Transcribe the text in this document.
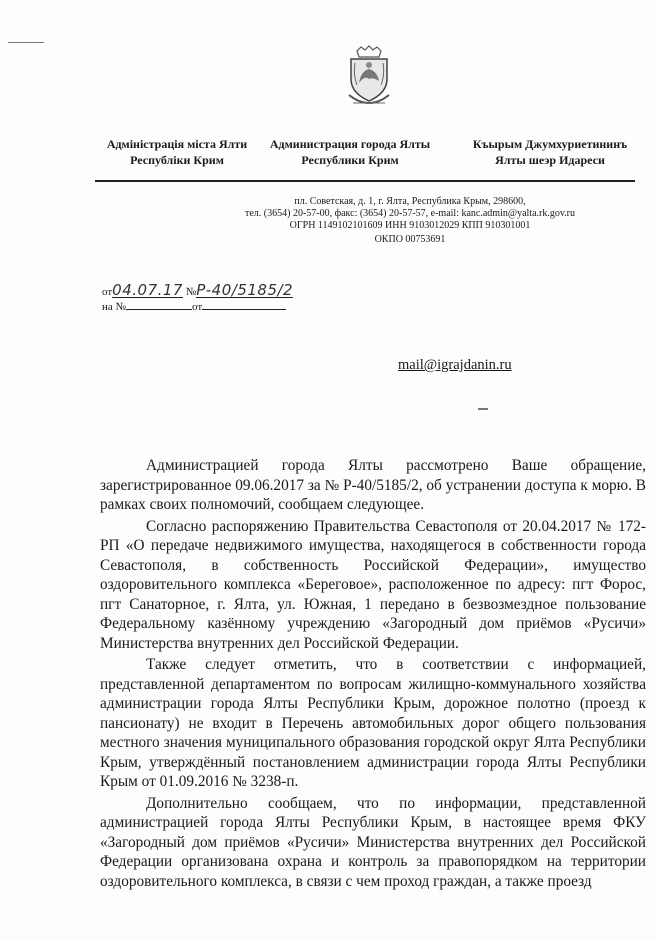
Адміністрація міста Ялти
Республіки Крим
Администрация города Ялты
Республики Крим
Къырым Джумхуриетининъ
Ялты шеэр Идареси
пл. Советская, д. 1, г. Ялта, Республика Крым, 298600,
тел. (3654) 20-57-00, факс: (3654) 20-57-57, e-mail: kanc.admin@yalta.rk.gov.ru
ОГРН 1149102101609 ИНН 9103012029 КПП 910301001
ОКПО 00753691
от04.07.17 №Р-40/5185/2
на №	от
mail@igrajdanin.ru

Администрацией города Ялты рассмотрено Ваше обращение, зарегистрированное 09.06.2017 за № Р-40/5185/2, об устранении доступа к морю. В рамках своих полномочий, сообщаем следующее.

Согласно распоряжению Правительства Севастополя от 20.04.2017 № 172-РП «О передаче недвижимого имущества, находящегося в собственности города Севастополя, в собственность Российской Федерации», имущество оздоровительного комплекса «Береговое», расположенное по адресу: пгт Форос, пгт Санаторное, г. Ялта, ул. Южная, 1 передано в безвозмездное пользование Федеральному казённому учреждению «Загородный дом приёмов «Русичи» Министерства внутренних дел Российской Федерации.

Также следует отметить, что в соответствии с информацией, представленной департаментом по вопросам жилищно-коммунального хозяйства администрации города Ялты Республики Крым, дорожное полотно (проезд к пансионату) не входит в Перечень автомобильных дорог общего пользования местного значения муниципального образования городской округ Ялта Республики Крым, утверждённый постановлением администрации города Ялты Республики Крым от 01.09.2016 № 3238-п.

Дополнительно сообщаем, что по информации, представленной администрацией города Ялты Республики Крым, в настоящее время ФКУ «Загородный дом приёмов «Русичи» Министерства внутренних дел Российской Федерации организована охрана и контроль за правопорядком на территории оздоровительного комплекса, в связи с чем проход граждан, а также проезд
